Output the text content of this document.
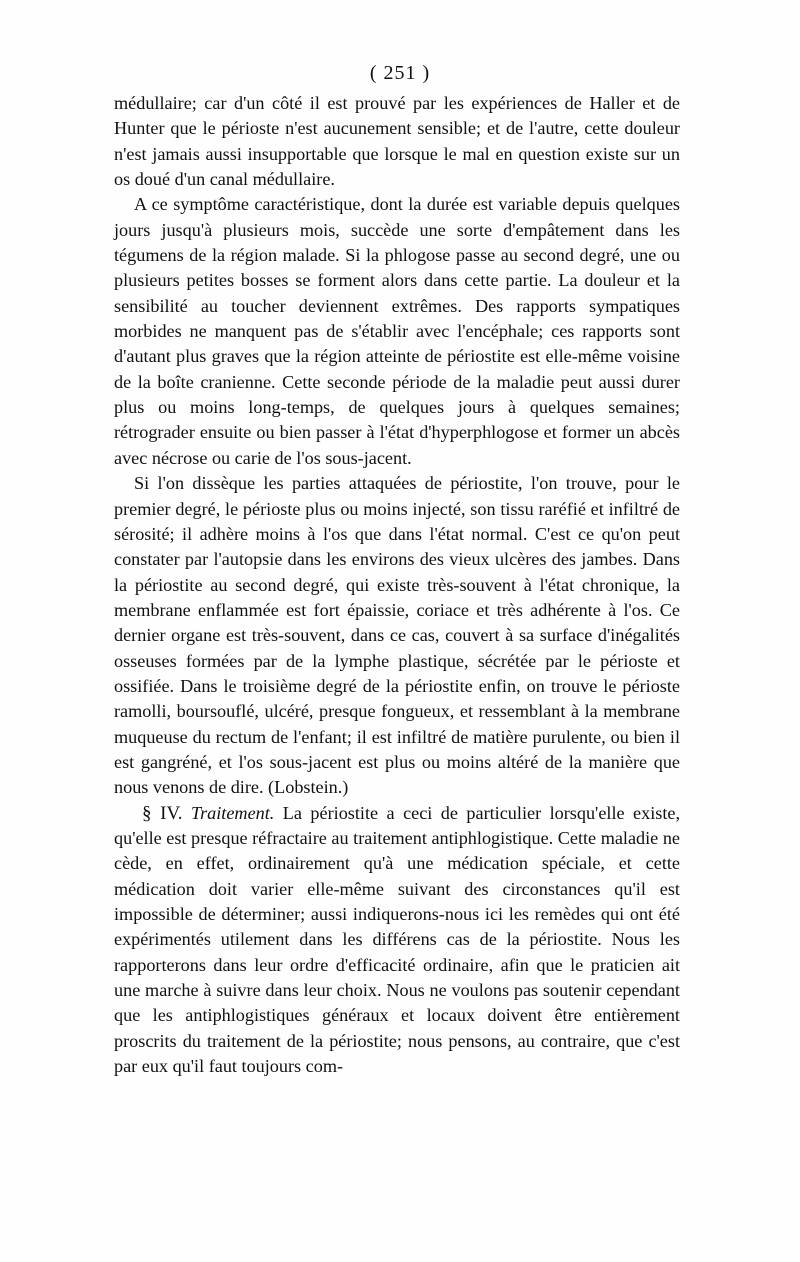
( 251 )

médullaire; car d'un côté il est prouvé par les expériences de Haller et de Hunter que le périoste n'est aucunement sensible; et de l'autre, cette douleur n'est jamais aussi insupportable que lorsque le mal en question existe sur un os doué d'un canal médullaire.

A ce symptôme caractéristique, dont la durée est variable depuis quelques jours jusqu'à plusieurs mois, succède une sorte d'empâtement dans les tégumens de la région malade. Si la phlogose passe au second degré, une ou plusieurs petites bosses se forment alors dans cette partie. La douleur et la sensibilité au toucher deviennent extrêmes. Des rapports sympatiques morbides ne manquent pas de s'établir avec l'encéphale; ces rapports sont d'autant plus graves que la région atteinte de périostite est elle-même voisine de la boîte cranienne. Cette seconde période de la maladie peut aussi durer plus ou moins long-temps, de quelques jours à quelques semaines; rétrograder ensuite ou bien passer à l'état d'hyperphlogose et former un abcès avec nécrose ou carie de l'os sous-jacent.

Si l'on dissèque les parties attaquées de périostite, l'on trouve, pour le premier degré, le périoste plus ou moins injecté, son tissu raréfié et infiltré de sérosité; il adhère moins à l'os que dans l'état normal. C'est ce qu'on peut constater par l'autopsie dans les environs des vieux ulcères des jambes. Dans la périostite au second degré, qui existe très-souvent à l'état chronique, la membrane enflammée est fort épaissie, coriace et très adhérente à l'os. Ce dernier organe est très-souvent, dans ce cas, couvert à sa surface d'inégalités osseuses formées par de la lymphe plastique, sécrétée par le périoste et ossifiée. Dans le troisième degré de la périostite enfin, on trouve le périoste ramolli, boursouflé, ulcéré, presque fongueux, et ressemblant à la membrane muqueuse du rectum de l'enfant; il est infiltré de matière purulente, ou bien il est gangréné, et l'os sous-jacent est plus ou moins altéré de la manière que nous venons de dire. (Lobstein.)

§ IV. Traitement. La périostite a ceci de particulier lorsqu'elle existe, qu'elle est presque réfractaire au traitement antiphlogistique. Cette maladie ne cède, en effet, ordinairement qu'à une médication spéciale, et cette médication doit varier elle-même suivant des circonstances qu'il est impossible de déterminer; aussi indiquerons-nous ici les remèdes qui ont été expérimentés utilement dans les différens cas de la périostite. Nous les rapporterons dans leur ordre d'efficacité ordinaire, afin que le praticien ait une marche à suivre dans leur choix. Nous ne voulons pas soutenir cependant que les antiphlogistiques généraux et locaux doivent être entièrement proscrits du traitement de la périostite; nous pensons, au contraire, que c'est par eux qu'il faut toujours com-
